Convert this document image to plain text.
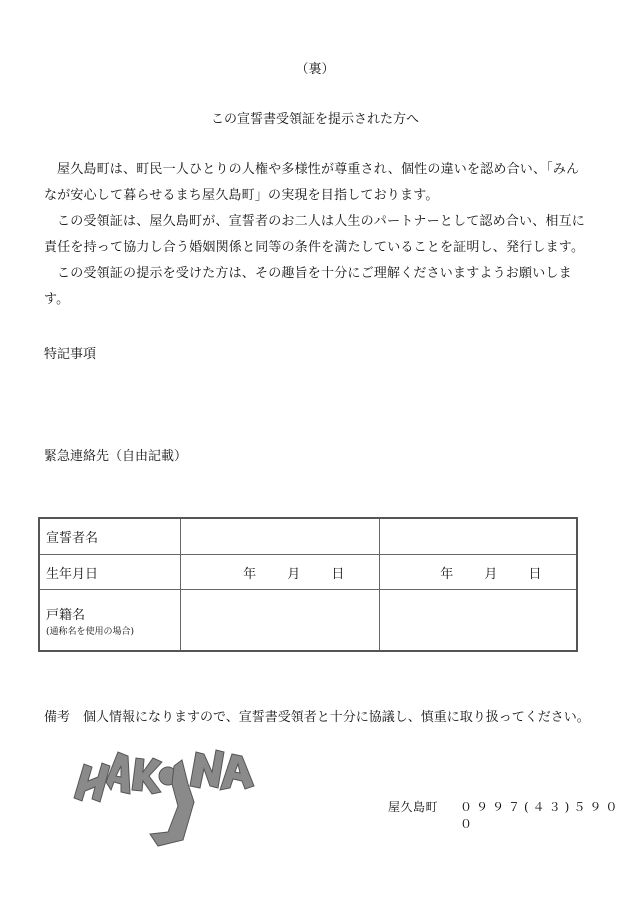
（裏）
この宣誓書受領証を提示された方へ

屋久島町は、町民一人ひとりの人権や多様性が尊重され、個性の違いを認め合い、「みんなが安心して暮らせるまち屋久島町」の実現を目指しております。

この受領証は、屋久島町が、宣誓者のお二人は人生のパートナーとして認め合い、相互に責任を持って協力し合う婚姻関係と同等の条件を満たしていることを証明し、発行します。

この受領証の提示を受けた方は、その趣旨を十分にご理解くださいますようお願いします。

特記事項
緊急連絡先（自由記載）
宣誓者名		
生年月日	年 月 日	年 月 日
戸籍名
(通称名を使用の場合)		

備考　個人情報になりますので、宣誓書受領者と十分に協議し、慎重に取り扱ってください。
屋久島町 ０９９７(４３)５９００
